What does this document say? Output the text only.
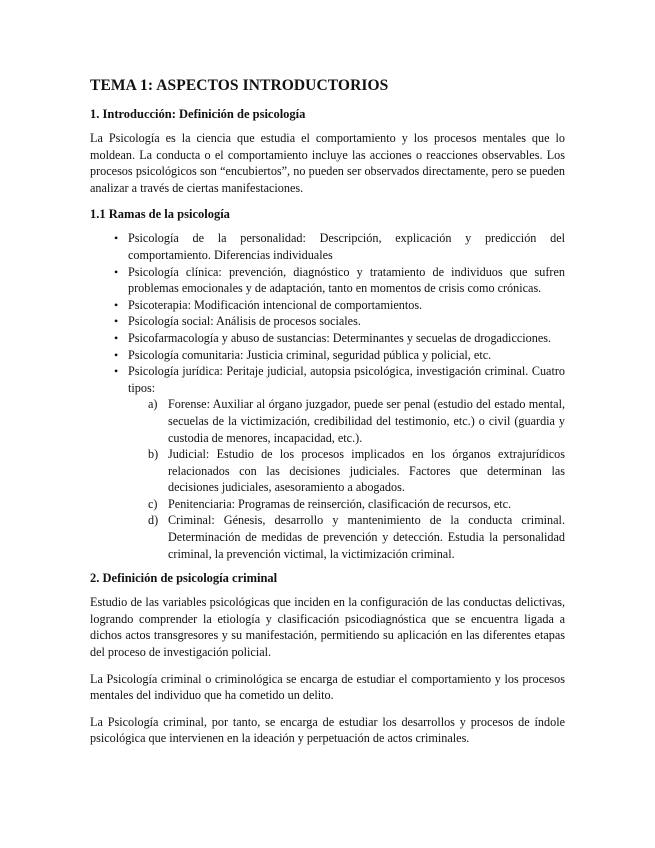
TEMA 1: ASPECTOS INTRODUCTORIOS
1. Introducción: Definición de psicología

La Psicología es la ciencia que estudia el comportamiento y los procesos mentales que lo moldean. La conducta o el comportamiento incluye las acciones o reacciones observables. Los procesos psicológicos son “encubiertos”, no pueden ser observados directamente, pero se pueden analizar a través de ciertas manifestaciones.

1.1 Ramas de la psicología
• Psicología de la personalidad: Descripción, explicación y predicción del comportamiento. Diferencias individuales
• Psicología clínica: prevención, diagnóstico y tratamiento de individuos que sufren problemas emocionales y de adaptación, tanto en momentos de crisis como crónicas.
• Psicoterapia: Modificación intencional de comportamientos.
• Psicología social: Análisis de procesos sociales.
• Psicofarmacología y abuso de sustancias: Determinantes y secuelas de drogadicciones.
• Psicología comunitaria: Justicia criminal, seguridad pública y policial, etc.
• Psicología jurídica: Peritaje judicial, autopsia psicológica, investigación criminal. Cuatro tipos:
a) Forense: Auxiliar al órgano juzgador, puede ser penal (estudio del estado mental, secuelas de la victimización, credibilidad del testimonio, etc.) o civil (guardia y custodia de menores, incapacidad, etc.).
b) Judicial: Estudio de los procesos implicados en los órganos extrajurídicos relacionados con las decisiones judiciales. Factores que determinan las decisiones judiciales, asesoramiento a abogados.
c) Penitenciaria: Programas de reinserción, clasificación de recursos, etc.
d) Criminal: Génesis, desarrollo y mantenimiento de la conducta criminal. Determinación de medidas de prevención y detección. Estudia la personalidad criminal, la prevención victimal, la victimización criminal.
2. Definición de psicología criminal

Estudio de las variables psicológicas que inciden en la configuración de las conductas delictivas, logrando comprender la etiología y clasificación psicodiagnóstica que se encuentra ligada a dichos actos transgresores y su manifestación, permitiendo su aplicación en las diferentes etapas del proceso de investigación policial.

La Psicología criminal o criminológica se encarga de estudiar el comportamiento y los procesos mentales del individuo que ha cometido un delito.

La Psicología criminal, por tanto, se encarga de estudiar los desarrollos y procesos de índole psicológica que intervienen en la ideación y perpetuación de actos criminales.
